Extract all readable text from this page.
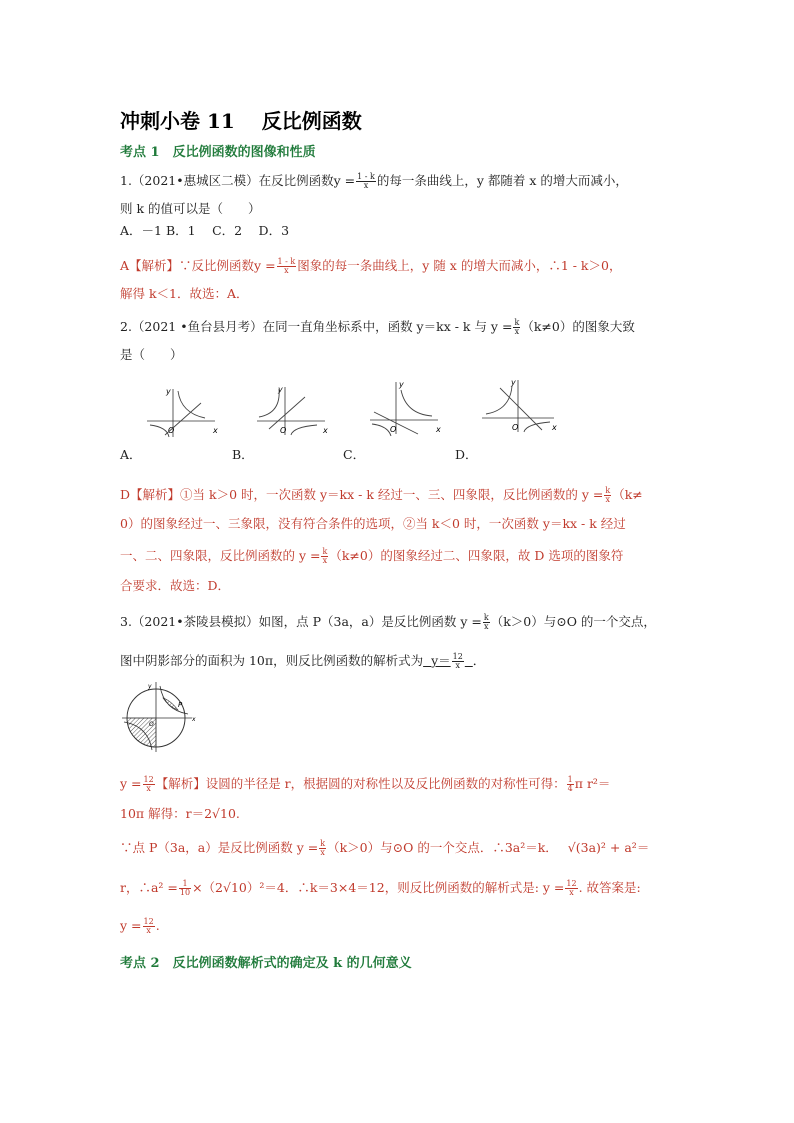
冲刺小卷 11　 反比例函数
考点 1　反比例函数的图像和性质
1.（2021•惠城区二模）在反比例函数$y = \frac{1 - k}{x}$ 的每一条曲线上，y 都随着 x 的增大而减小，
则 k 的值可以是（　　）
A．－1 B．1　 C．2　 D．3
A【解析】∵反比例函数$y = \frac{1 - k}{x}$ 图象的每一条曲线上，y 随 x 的增大而减小，∴1 - k＞0，
解得 k＜1．故选：A．
2.（2021 •鱼台县月考）在同一直角坐标系中，函数 y＝kx - k 与 $y = \frac{k}{x} (k\ne 0)$的图象大致
是（　　）
x
y
O
A．
x
y
O
B．
x
y
O
C．
x
y
O
D．
D【解析】①当 k＞0 时，一次函数 y＝kx - k 经过一、三、四象限，反比例函数的 $y = \frac{k}{x} (k\ne$
0）的图象经过一、三象限，没有符合条件的选项，②当 k＜0 时，一次函数 y＝kx - k 经过
一、二、四象限，反比例函数的 $y = \frac{k}{x} (k\ne 0)$的图象经过二、四象限，故 D 选项的图象符
合要求．故选：D．
3.（2021•茶陵县模拟）如图，点 P（3a，a）是反比例函数 $y = \frac{k}{x} (k>0)$与⊙O 的一个交点，
图中阴影部分的面积为 10π，则反比例函数的解析式为 $y= \frac{12}{x}$ ．
P
x
y
O
$y = \frac{12}{x}$ 【解析】设圆的半径是 r，根据圆的对称性以及反比例函数的对称性可得： $\frac{1}{4}$ π r²＝
10π 解得：r＝2√10.
∵点 P（3a，a）是反比例函数 $y = \frac{k}{x} (k>0)$与⊙O 的一个交点．∴3a²＝k． √(3a)² + a²＝
r，∴a² = $\frac{1}{10} \times(2√10)^2=4$．∴k＝3×4＝12，则反比例函数的解析式是: $y = \frac{12}{x}$ . 故答案是:
$y = \frac{12}{x}$ .
考点 2　反比例函数解析式的确定及 k 的几何意义
